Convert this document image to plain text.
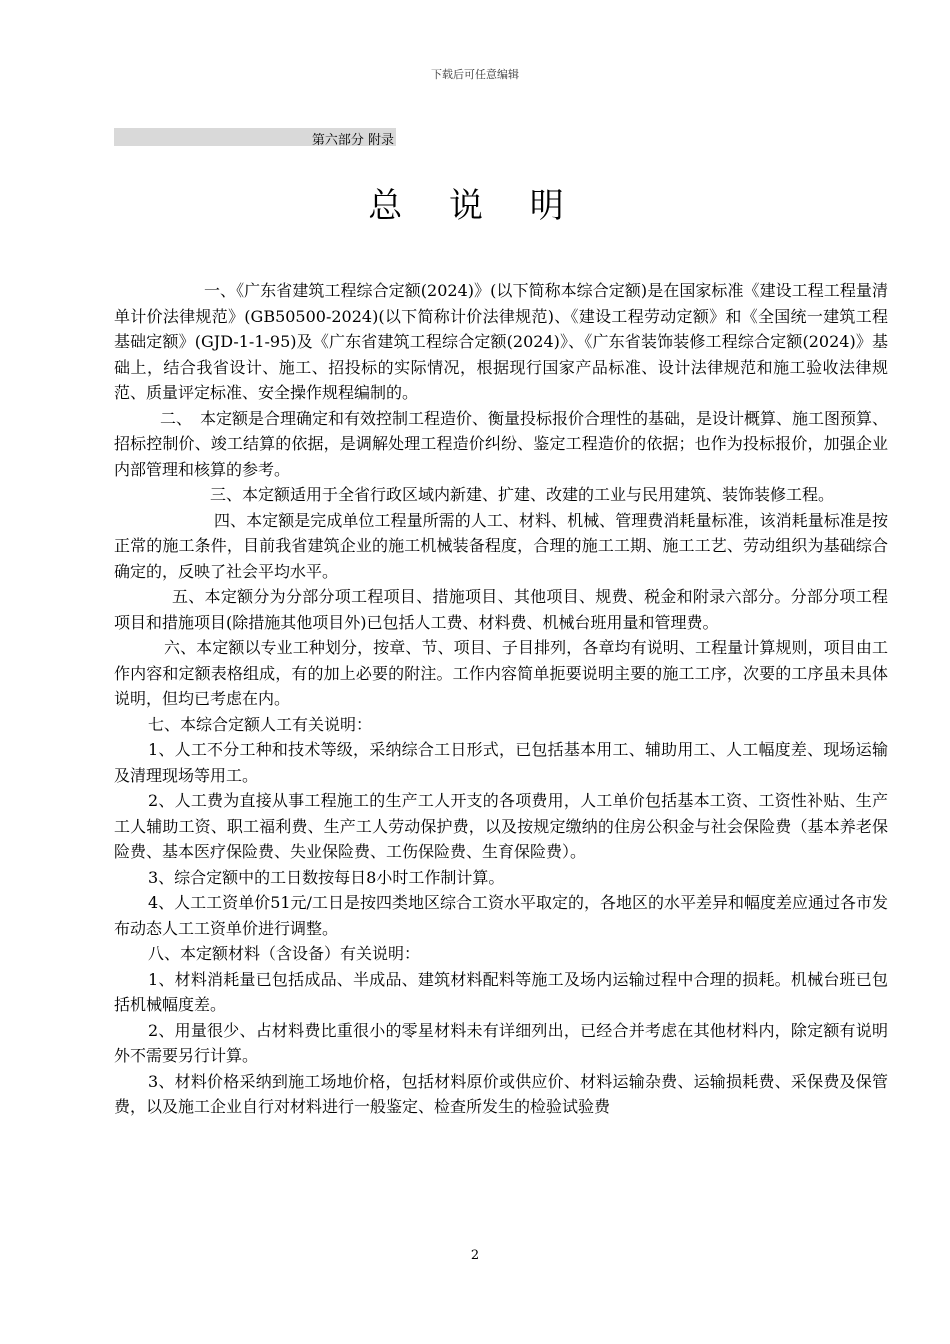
下载后可任意编辑
第六部分 附录
总 说 明

一、《广东省建筑工程综合定额(2024)》(以下简称本综合定额)是在国家标准《建设工程工程量清单计价法律规范》(GB50500-2024)(以下简称计价法律规范)、《建设工程劳动定额》和《全国统一建筑工程基础定额》(GJD-1-1-95)及《广东省建筑工程综合定额(2024)》、《广东省装饰装修工程综合定额(2024)》基础上，结合我省设计、施工、招投标的实际情况，根据现行国家产品标准、设计法律规范和施工验收法律规范、质量评定标准、安全操作规程编制的。

二、　本定额是合理确定和有效控制工程造价、衡量投标报价合理性的基础，是设计概算、施工图预算、招标控制价、竣工结算的依据，是调解处理工程造价纠纷、鉴定工程造价的依据；也作为投标报价，加强企业内部管理和核算的参考。

三、本定额适用于全省行政区域内新建、扩建、改建的工业与民用建筑、装饰装修工程。

四、本定额是完成单位工程量所需的人工、材料、机械、管理费消耗量标准，该消耗量标准是按正常的施工条件，目前我省建筑企业的施工机械装备程度，合理的施工工期、施工工艺、劳动组织为基础综合确定的，反映了社会平均水平。

五、本定额分为分部分项工程项目、措施项目、其他项目、规费、税金和附录六部分。分部分项工程项目和措施项目(除措施其他项目外)已包括人工费、材料费、机械台班用量和管理费。

六、本定额以专业工种划分，按章、节、项目、子目排列，各章均有说明、工程量计算规则，项目由工作内容和定额表格组成，有的加上必要的附注。工作内容简单扼要说明主要的施工工序，次要的工序虽未具体说明，但均已考虑在内。

七、本综合定额人工有关说明：

1、人工不分工种和技术等级，采纳综合工日形式，已包括基本用工、辅助用工、人工幅度差、现场运输及清理现场等用工。

2、人工费为直接从事工程施工的生产工人开支的各项费用，人工单价包括基本工资、工资性补贴、生产工人辅助工资、职工福利费、生产工人劳动保护费，以及按规定缴纳的住房公积金与社会保险费（基本养老保险费、基本医疗保险费、失业保险费、工伤保险费、生育保险费）。

3、综合定额中的工日数按每日8小时工作制计算。

4、人工工资单价51元/工日是按四类地区综合工资水平取定的，各地区的水平差异和幅度差应通过各市发布动态人工工资单价进行调整。

八、本定额材料（含设备）有关说明：

1、材料消耗量已包括成品、半成品、建筑材料配料等施工及场内运输过程中合理的损耗。机械台班已包括机械幅度差。

2、用量很少、占材料费比重很小的零星材料未有详细列出，已经合并考虑在其他材料内，除定额有说明外不需要另行计算。

3、材料价格采纳到施工场地价格，包括材料原价或供应价、材料运输杂费、运输损耗费、采保费及保管费，以及施工企业自行对材料进行一般鉴定、检查所发生的检验试验费

2
